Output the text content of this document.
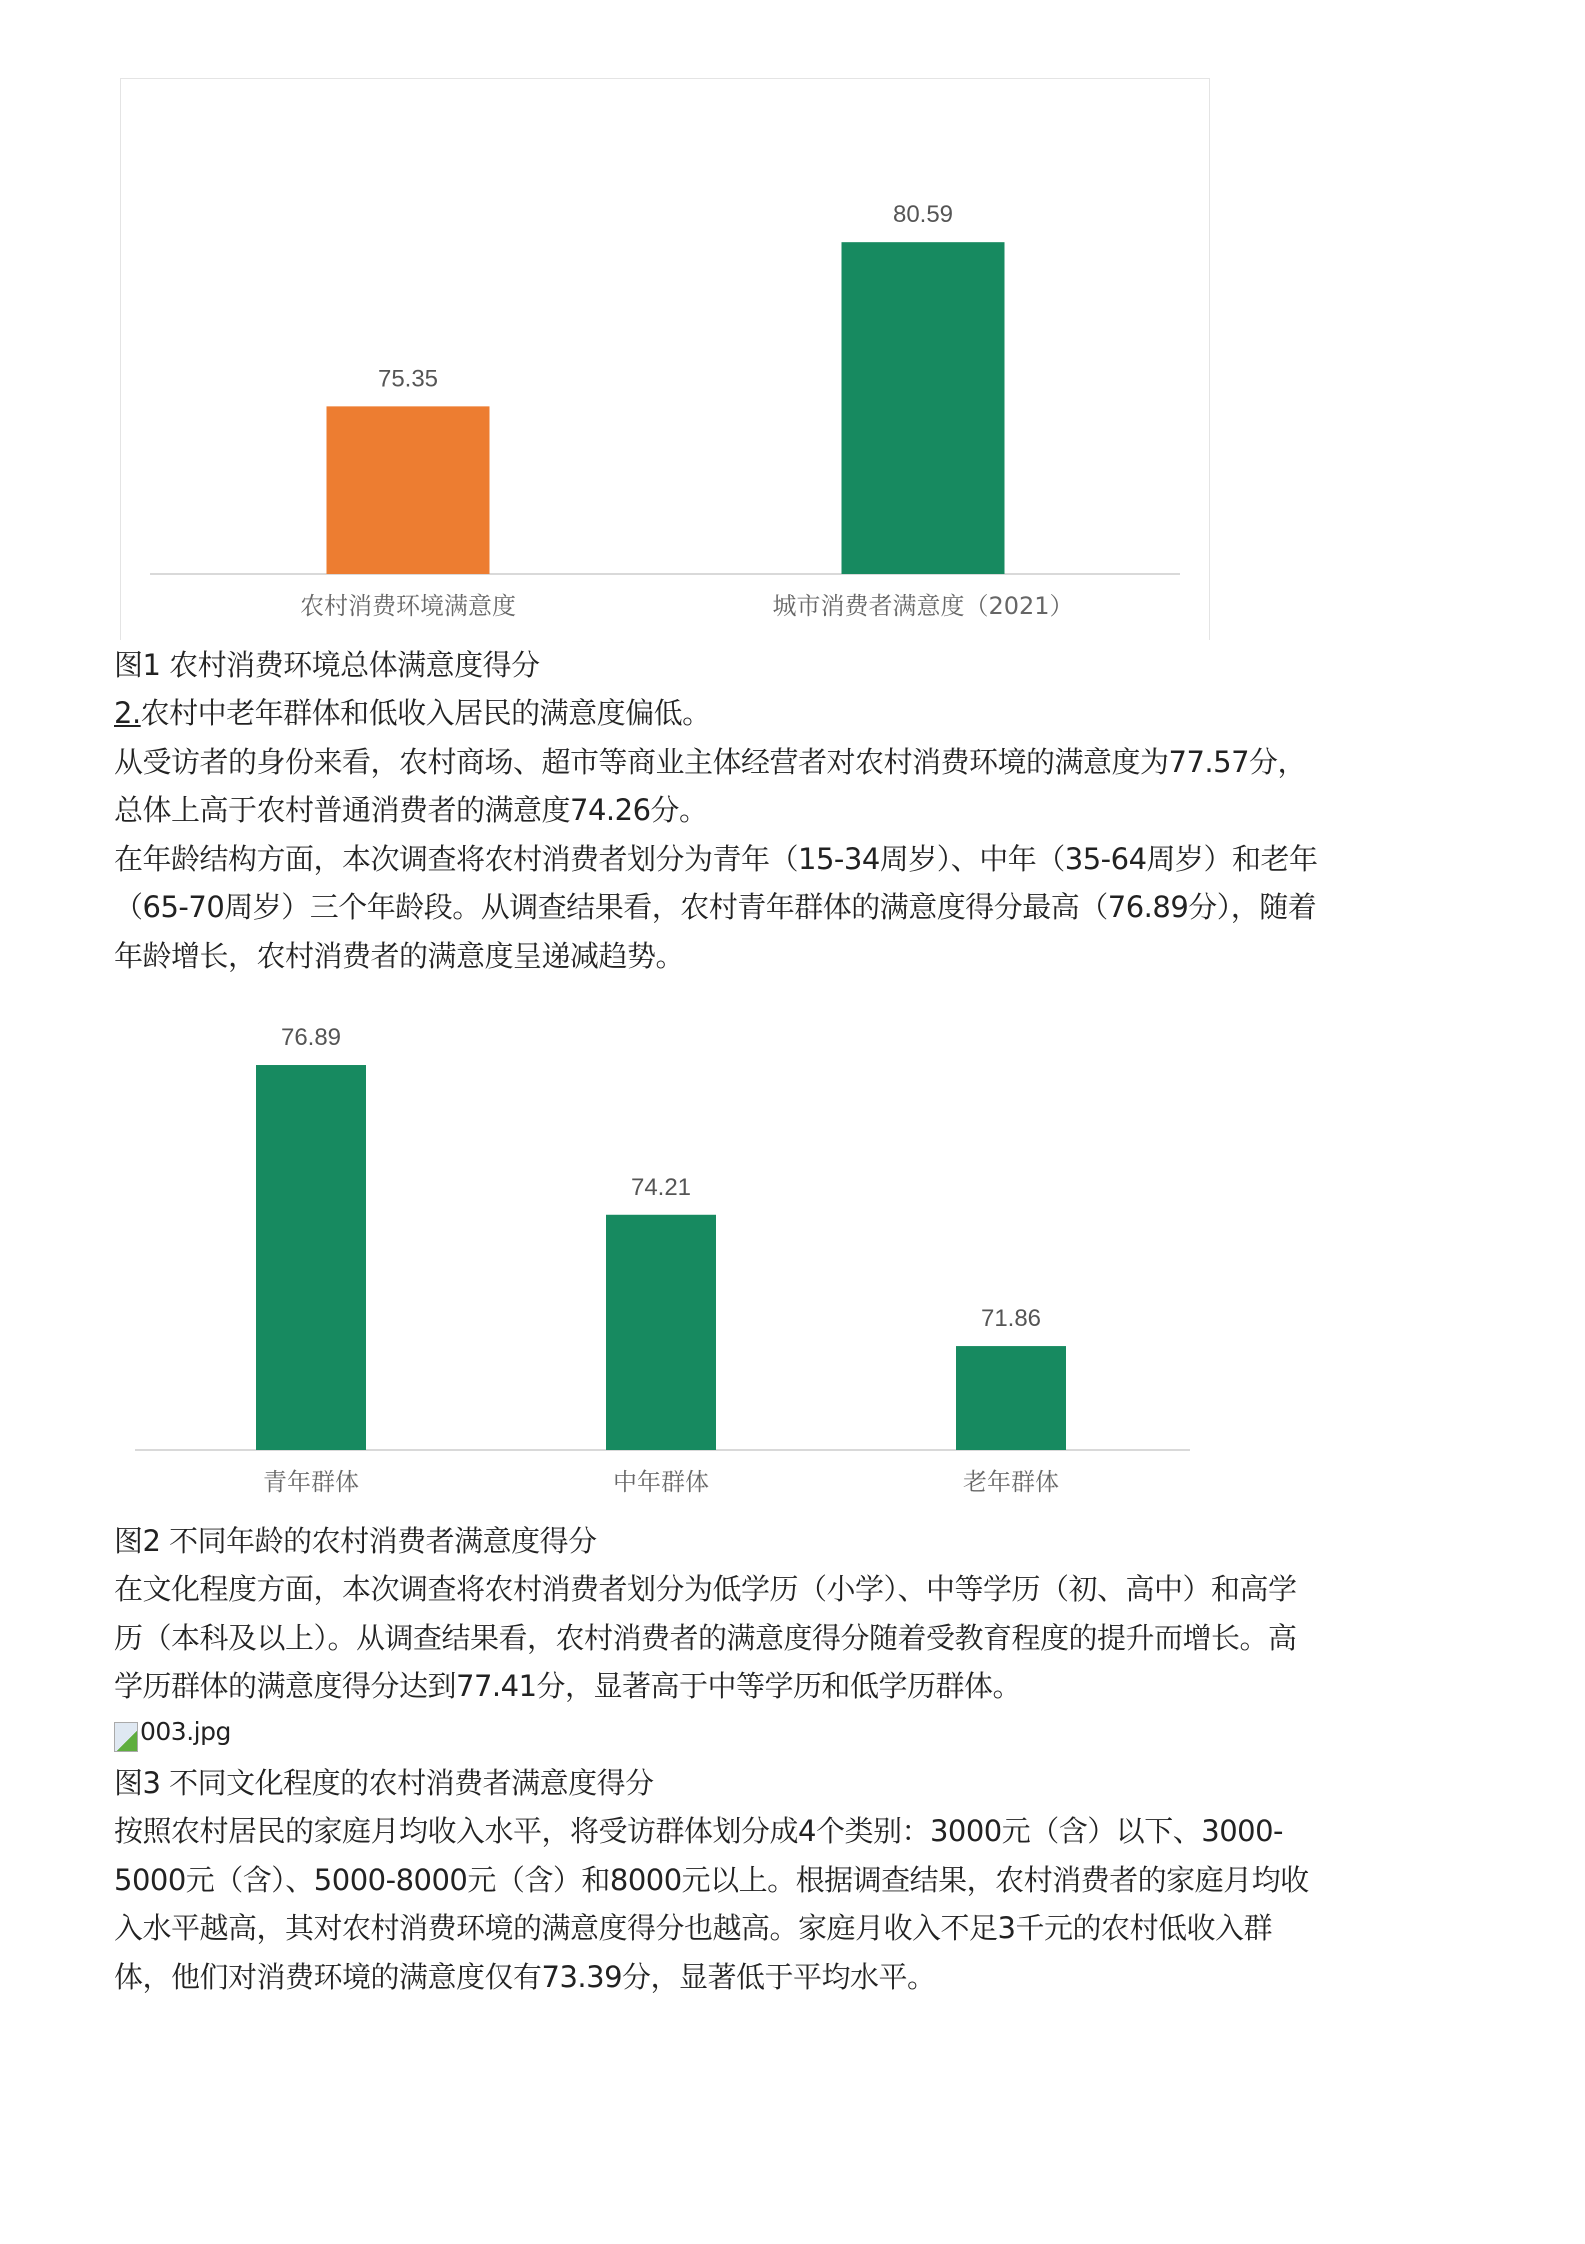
75.35
农村消费环境满意度
80.59
城市消费者满意度（2021）
76.89
青年群体
74.21
中年群体
71.86
老年群体
图1 农村消费环境总体满意度得分
2.农村中老年群体和低收入居民的满意度偏低。
从受访者的身份来看，农村商场、超市等商业主体经营者对农村消费环境的满意度为77.57分，
总体上高于农村普通消费者的满意度74.26分。
在年龄结构方面，本次调查将农村消费者划分为青年（15-34周岁）、中年（35-64周岁）和老年
（65-70周岁）三个年龄段。从调查结果看，农村青年群体的满意度得分最高（76.89分），随着
年龄增长，农村消费者的满意度呈递减趋势。
图2 不同年龄的农村消费者满意度得分
在文化程度方面，本次调查将农村消费者划分为低学历（小学）、中等学历（初、高中）和高学
历（本科及以上）。从调查结果看，农村消费者的满意度得分随着受教育程度的提升而增长。高
学历群体的满意度得分达到77.41分，显著高于中等学历和低学历群体。
003.jpg
图3 不同文化程度的农村消费者满意度得分
按照农村居民的家庭月均收入水平，将受访群体划分成4个类别：3000元（含）以下、3000-
5000元（含）、5000-8000元（含）和8000元以上。根据调查结果，农村消费者的家庭月均收
入水平越高，其对农村消费环境的满意度得分也越高。家庭月收入不足3千元的农村低收入群
体，他们对消费环境的满意度仅有73.39分，显著低于平均水平。
